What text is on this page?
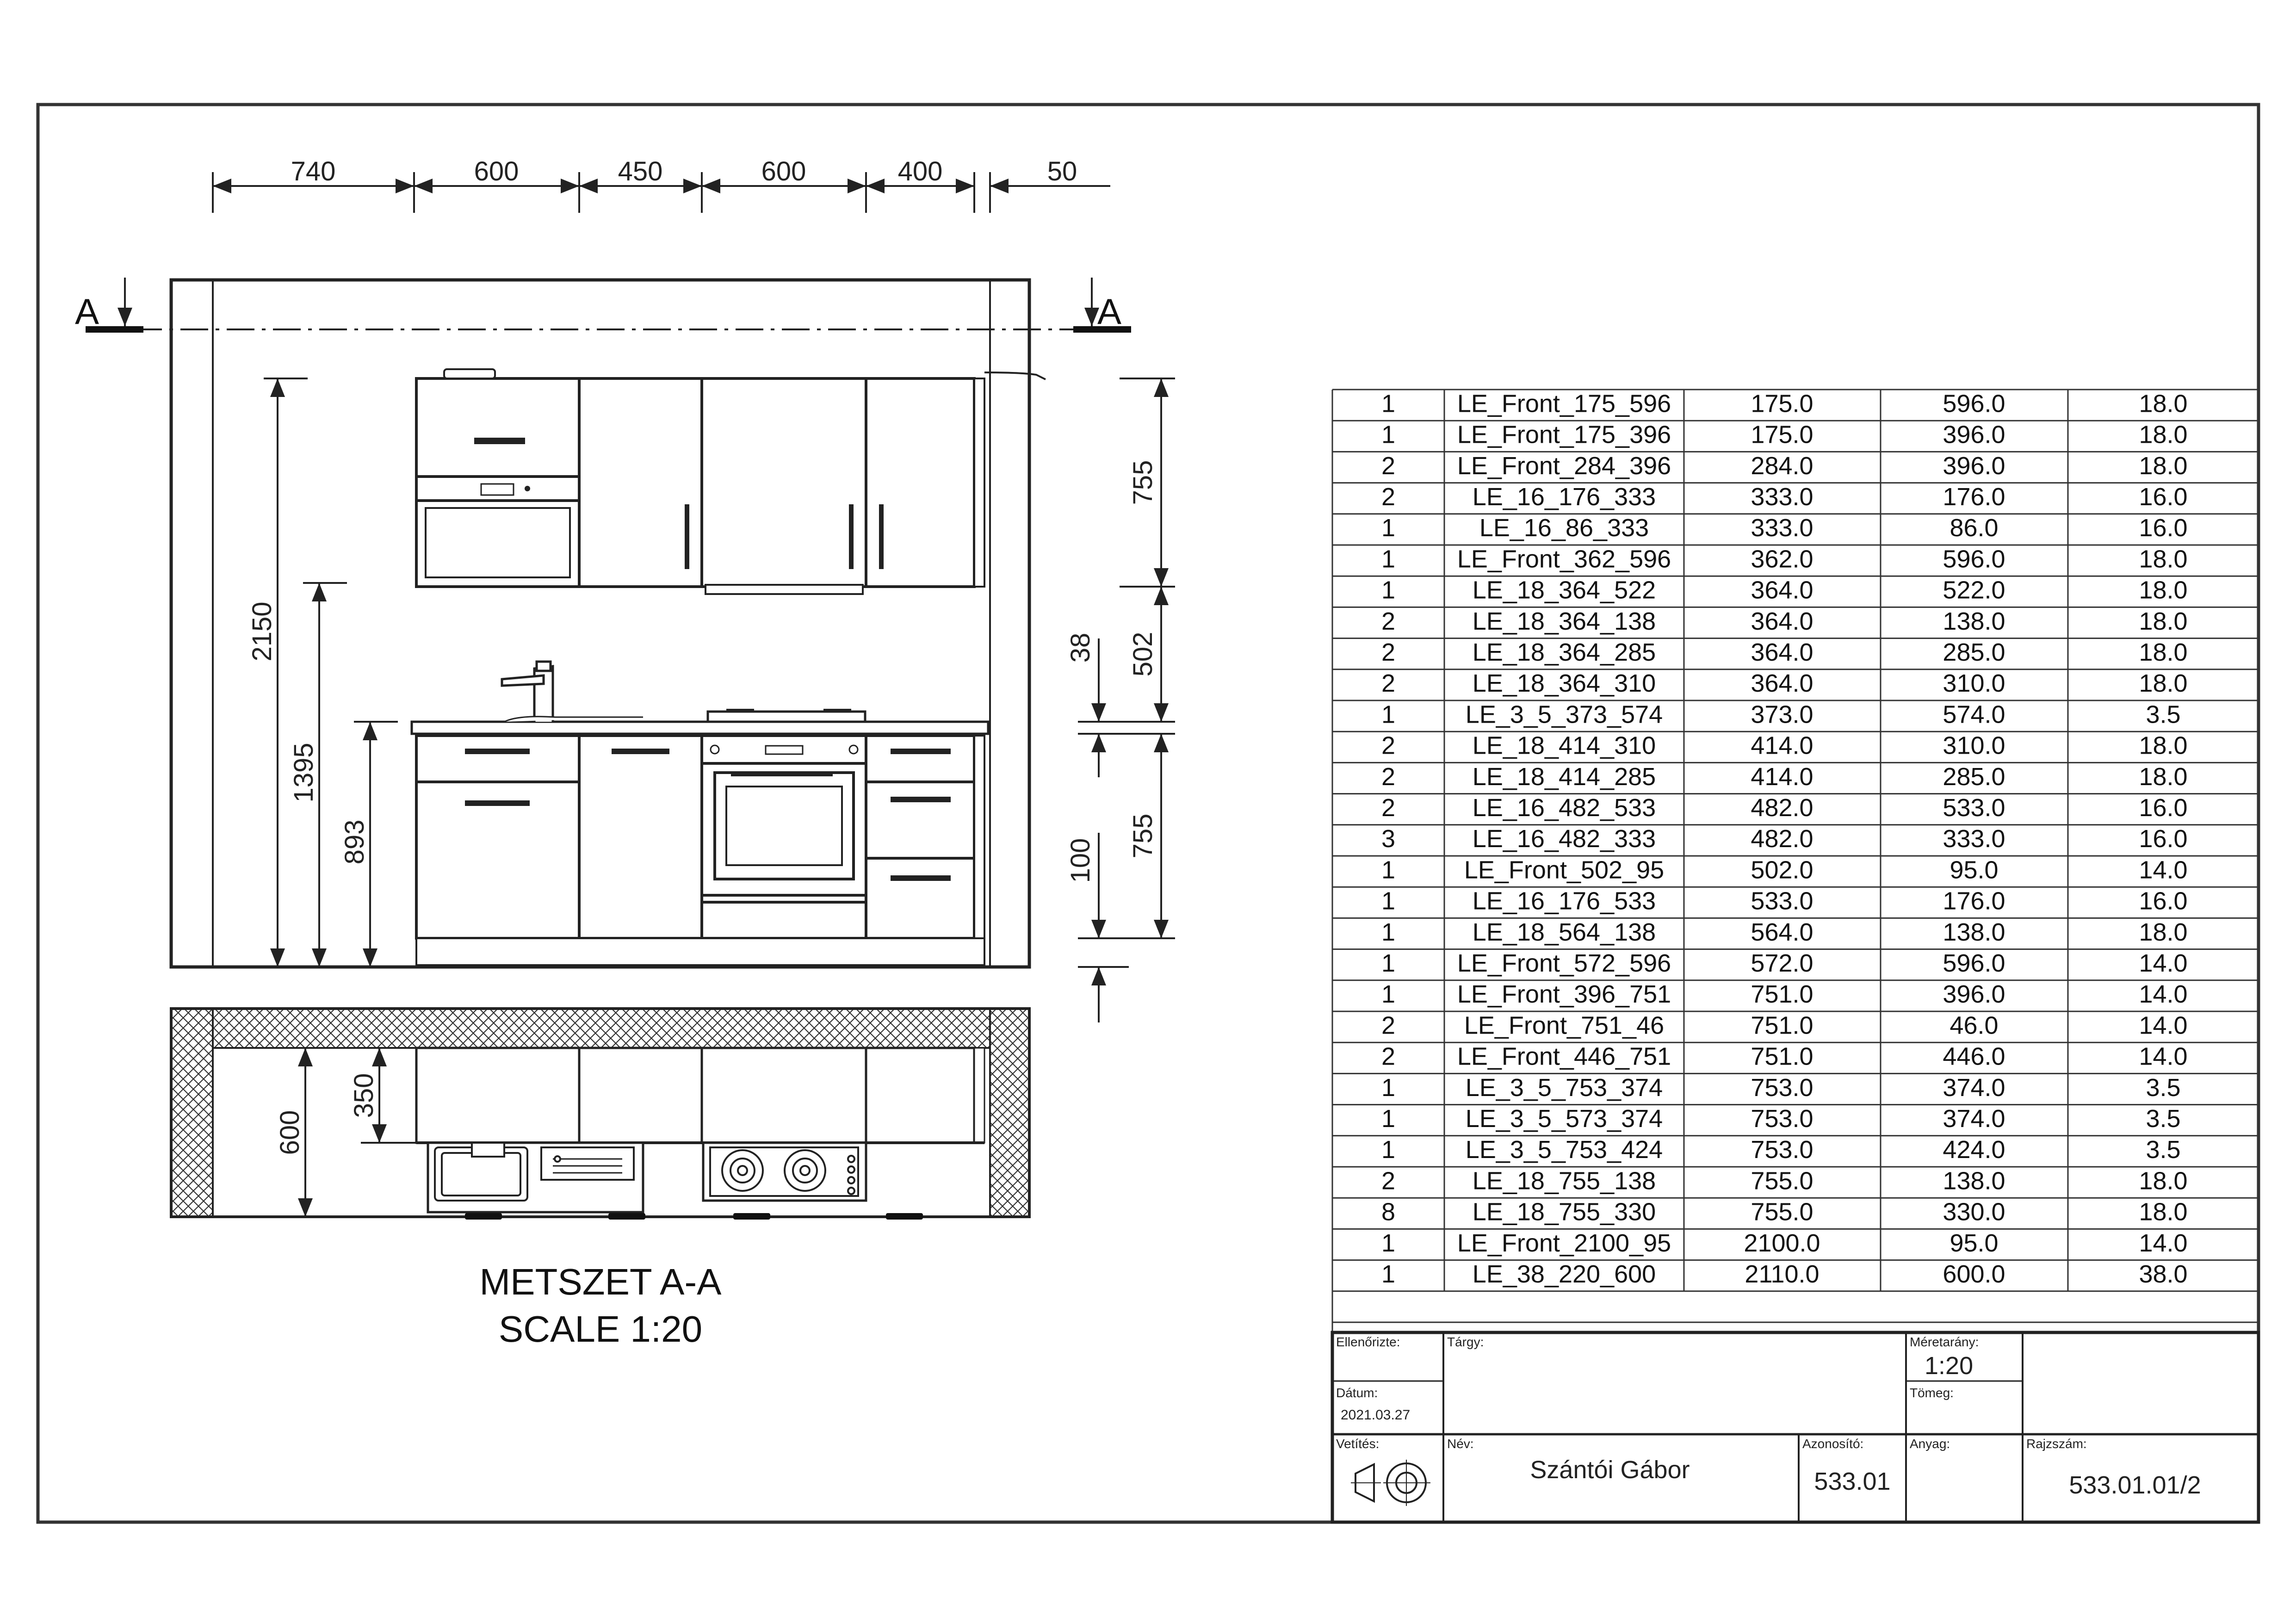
740	600	450	600	400	50
A	A
2150
1395
893
755
502
38
755
100
600
350
METSZET A-A
SCALE 1:20
1 LE_Front_175_596	175.0	596.0	18.0
1 LE_Front_175_396	175.0	396.0	18.0
2 LE_Front_284_396	284.0	396.0	18.0
2	LE_16_176_333	333.0	176.0	16.0
1	LE_16_86_333	333.0	86.0	16.0
1 LE_Front_362_596	362.0	596.0	18.0
1	LE_18_364_522	364.0	522.0	18.0
2	LE_18_364_138	364.0	138.0	18.0
2	LE_18_364_285	364.0	285.0	18.0
2	LE_18_364_310	364.0	310.0	18.0
1	LE_3_5_373_574	373.0	574.0	3.5
2	LE_18_414_310	414.0	310.0	18.0
2	LE_18_414_285	414.0	285.0	18.0
2	LE_16_482_533	482.0	533.0	16.0
3	LE_16_482_333	482.0	333.0	16.0
1	LE_Front_502_95	502.0	95.0	14.0
1	LE_16_176_533	533.0	176.0	16.0
1	LE_18_564_138	564.0	138.0	18.0
1 LE_Front_572_596	572.0	596.0	14.0
1 LE_Front_396_751	751.0	396.0	14.0
2	LE_Front_751_46	751.0	46.0	14.0
2 LE_Front_446_751	751.0	446.0	14.0
1	LE_3_5_753_374	753.0	374.0	3.5
1	LE_3_5_573_374	753.0	374.0	3.5
1	LE_3_5_753_424	753.0	424.0	3.5
2	LE_18_755_138	755.0	138.0	18.0
8	LE_18_755_330	755.0	330.0	18.0
1 LE_Front_2100_95	2100.0	95.0	14.0
1	LE_38_220_600	2110.0	600.0	38.0
Ellenőrizte:	Tárgy:	Méretarány:
1:20
Dátum:
2021.03.27
Tömeg:
Vetítés:	Név:
Szántói Gábor
Azonosító:
533.01
Anyag:	Rajzszám:
533.01.01/2
